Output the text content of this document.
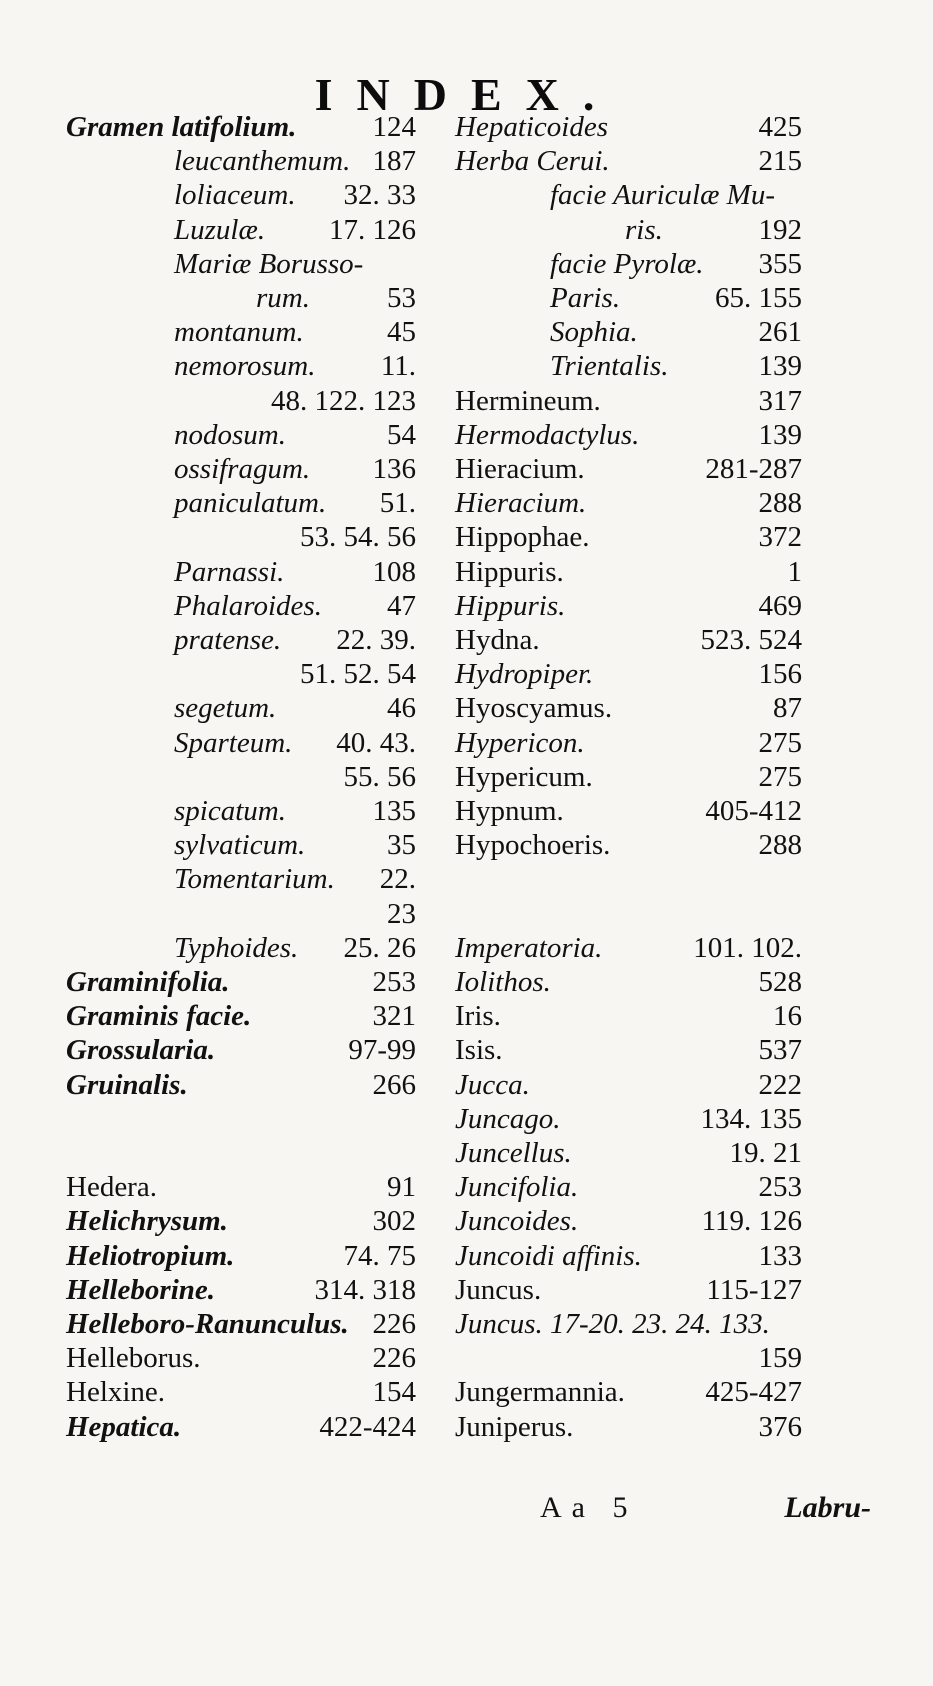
INDEX.
Gramen latifolium.	124
leucanthemum. 187
loliaceum. 32. 33
Luzulæ. 17. 126
Mariæ Borusso-
rum.	53
montanum.	45
nemorosum. 11.
48. 122. 123
nodosum.	54
ossifragum. 136
paniculatum. 51.
53. 54. 56
Parnassi.	108
Phalaroides. 47
pratense. 22. 39.
51. 52. 54
segetum.	46
Sparteum. 40. 43.
55. 56
spicatum.	135
sylvaticum.	35
Tomentarium. 22.
23
Typhoides. 25. 26
Graminifolia.	253
Graminis facie.	321
Grossularia.	97-99
Gruinalis.	266
Hedera.	91
Helichrysum.	302
Heliotropium.	74. 75
Helleborine.	314. 318
Helleboro-Ranunculus. 226
Helleborus.	226
Helxine.	154
Hepatica.	422-424
Hepaticoides	425
Herba Cerui.	215
facie Auriculæ Mu-
ris.	192
facie Pyrolæ. 355
Paris.	65. 155
Sophia.	261
Trientalis.	139
Hermineum.	317
Hermodactylus.	139
Hieracium.	281-287
Hieracium.	288
Hippophae.	372
Hippuris.	1
Hippuris.	469
Hydna.	523. 524
Hydropiper.	156
Hyoscyamus.	87
Hypericon.	275
Hypericum.	275
Hypnum.	405-412
Hypochoeris.	288
Imperatoria.	101. 102.
Iolithos.	528
Iris.	16
Isis.	537
Jucca.	222
Juncago.	134. 135
Juncellus.	19. 21
Juncifolia.	253
Juncoides.	119. 126
Juncoidi affinis.	133
Juncus.	115-127
Juncus. 17-20. 23. 24. 133.
159
Jungermannia.	425-427
Juniperus.	376
Aa 5	Labru-
